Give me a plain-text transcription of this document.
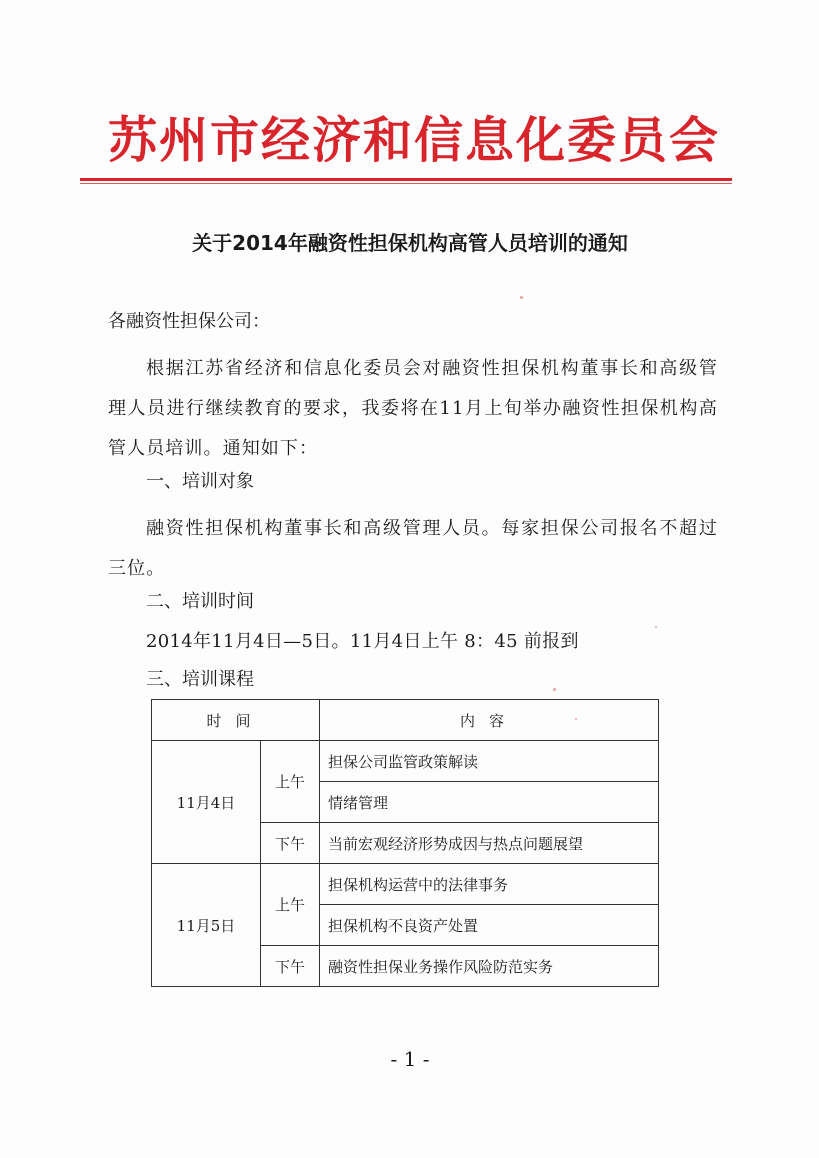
苏州市经济和信息化委员会
关于2014年融资性担保机构高管人员培训的通知
各融资性担保公司：
根据江苏省经济和信息化委员会对融资性担保机构董事长和高级管理人员进行继续教育的要求，我委将在11月上旬举办融资性担保机构高管人员培训。通知如下：
一、培训对象
融资性担保机构董事长和高级管理人员。每家担保公司报名不超过三位。
二、培训时间
2014年11月4日—5日。11月4日上午 8：45 前报到
三、培训课程
时间		内容
11月4日	上午	担保公司监管政策解读
		情绪管理
	下午	当前宏观经济形势成因与热点问题展望
11月5日	上午	担保机构运营中的法律事务
		担保机构不良资产处置
	下午	融资性担保业务操作风险防范实务
- 1 -
